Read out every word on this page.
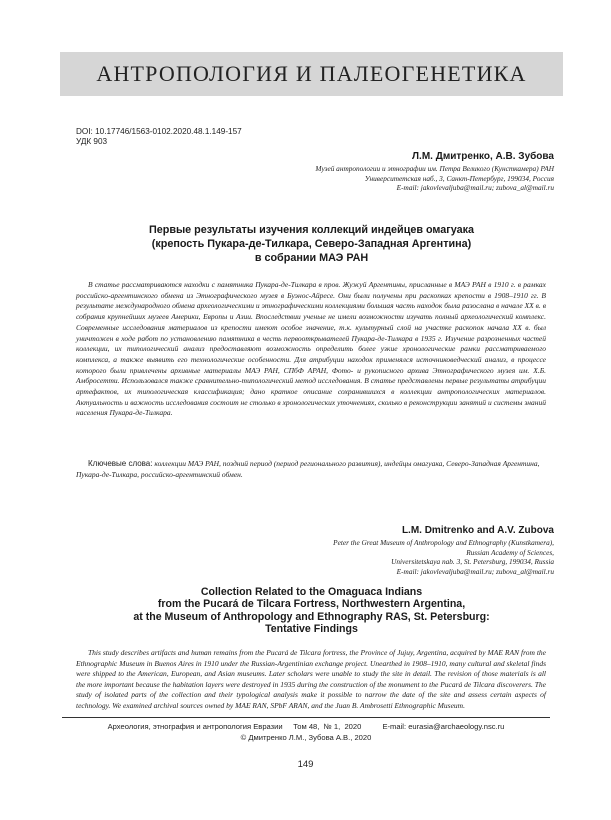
АНТРОПОЛОГИЯ И ПАЛЕОГЕНЕТИКА
DOI: 10.17746/1563-0102.2020.48.1.149-157
УДК 903
Л.М. Дмитренко, А.В. Зубова
Музей антропологии и этнографии им. Петра Великого (Кунсткамера) РАН
Университетская наб., 3, Санкт-Петербург, 199034, Россия
E-mail: jakovlevaljuba@mail.ru; zubova_al@mail.ru
Первые результаты изучения коллекций индейцев омагуака
(крепость Пукара-де-Тилкара, Северо-Западная Аргентина)
в собрании МАЭ РАН

В статье рассматриваются находки с памятника Пукара-де-Тилкара в пров. Жужуй Аргентины, присланные в МАЭ РАН в 1910 г. в рамках российско-аргентинского обмена из Этнографического музея в Буэнос-Айресе. Они были получены при раскопках крепости в 1908–1910 гг. В результате международного обмена археологическими и этнографическими коллекциями большая часть находок была разослана в начале XX в. в собрания крупнейших музеев Америки, Европы и Азии. Впоследствии ученые не имели возможности изучать полный археологический комплекс. Современные исследования материалов из крепости имеют особое значение, т.к. культурный слой на участке раскопок начала XX в. был уничтожен в ходе работ по установлению памятника в честь первооткрывателей Пукара-де-Тилкара в 1935 г. Изучение разрозненных частей коллекции, их типологический анализ предоставляют возможность определить более узкие хронологические рамки рассматриваемого комплекса, а также выявить его технологические особенности. Для атрибуции находок применялся источниковедческий анализ, в процессе которого были привлечены архивные материалы МАЭ РАН, СПбФ АРАН, Фото- и рукописного архива Этнографического музея им. Х.Б. Амбросетти. Использовался также сравнительно-типологический метод исследования. В статье представлены первые результаты атрибуции артефактов, их типологическая классификация; дано краткое описание сохранившихся в коллекции антропологических материалов. Актуальность и важность исследования состоит не столько в хронологических уточнениях, сколько в реконструкции занятий и системы знаний населения Пукара-де-Тилкара.

Ключевые слова: коллекции МАЭ РАН, поздний период (период регионального развития), индейцы омагуака, Северо-Западная Аргентина, Пукара-де-Тилкара, российско-аргентинский обмен.

L.M. Dmitrenko and A.V. Zubova
Peter the Great Museum of Anthropology and Ethnography (Kunstkamera),
Russian Academy of Sciences,
Universitetskaya nab. 3, St. Petersburg, 199034, Russia
E-mail: jakovlevaljuba@mail.ru; zubova_al@mail.ru
Collection Related to the Omaguaca Indians
from the Pucará de Tilcara Fortress, Northwestern Argentina,
at the Museum of Anthropology and Ethnography RAS, St. Petersburg:
Tentative Findings

This study describes artifacts and human remains from the Pucará de Tilcara fortress, the Province of Jujuy, Argentina, acquired by MAE RAN from the Ethnographic Museum in Buenos Aires in 1910 under the Russian-Argentinian exchange project. Unearthed in 1908–1910, many cultural and skeletal finds were shipped to the American, European, and Asian museums. Later scholars were unable to study the site in detail. The revision of those materials is all the more important because the habitation layers were destroyed in 1935 during the construction of the monument to the Pucará de Tilcara discoverers. The study of isolated parts of the collection and their typological analysis make it possible to narrow the date of the site and assess certain aspects of technology. We examined archival sources owned by MAE RAN, SPbF ARAN, and the Juan B. Ambrosetti Ethnographic Museum.

Археология, этнография и антропология Евразии
Том 48,
№ 1,
2020
	E-mail: eurasia@archaeology.nsc.ru
© Дмитренко Л.М., Зубова А.В., 2020
149
